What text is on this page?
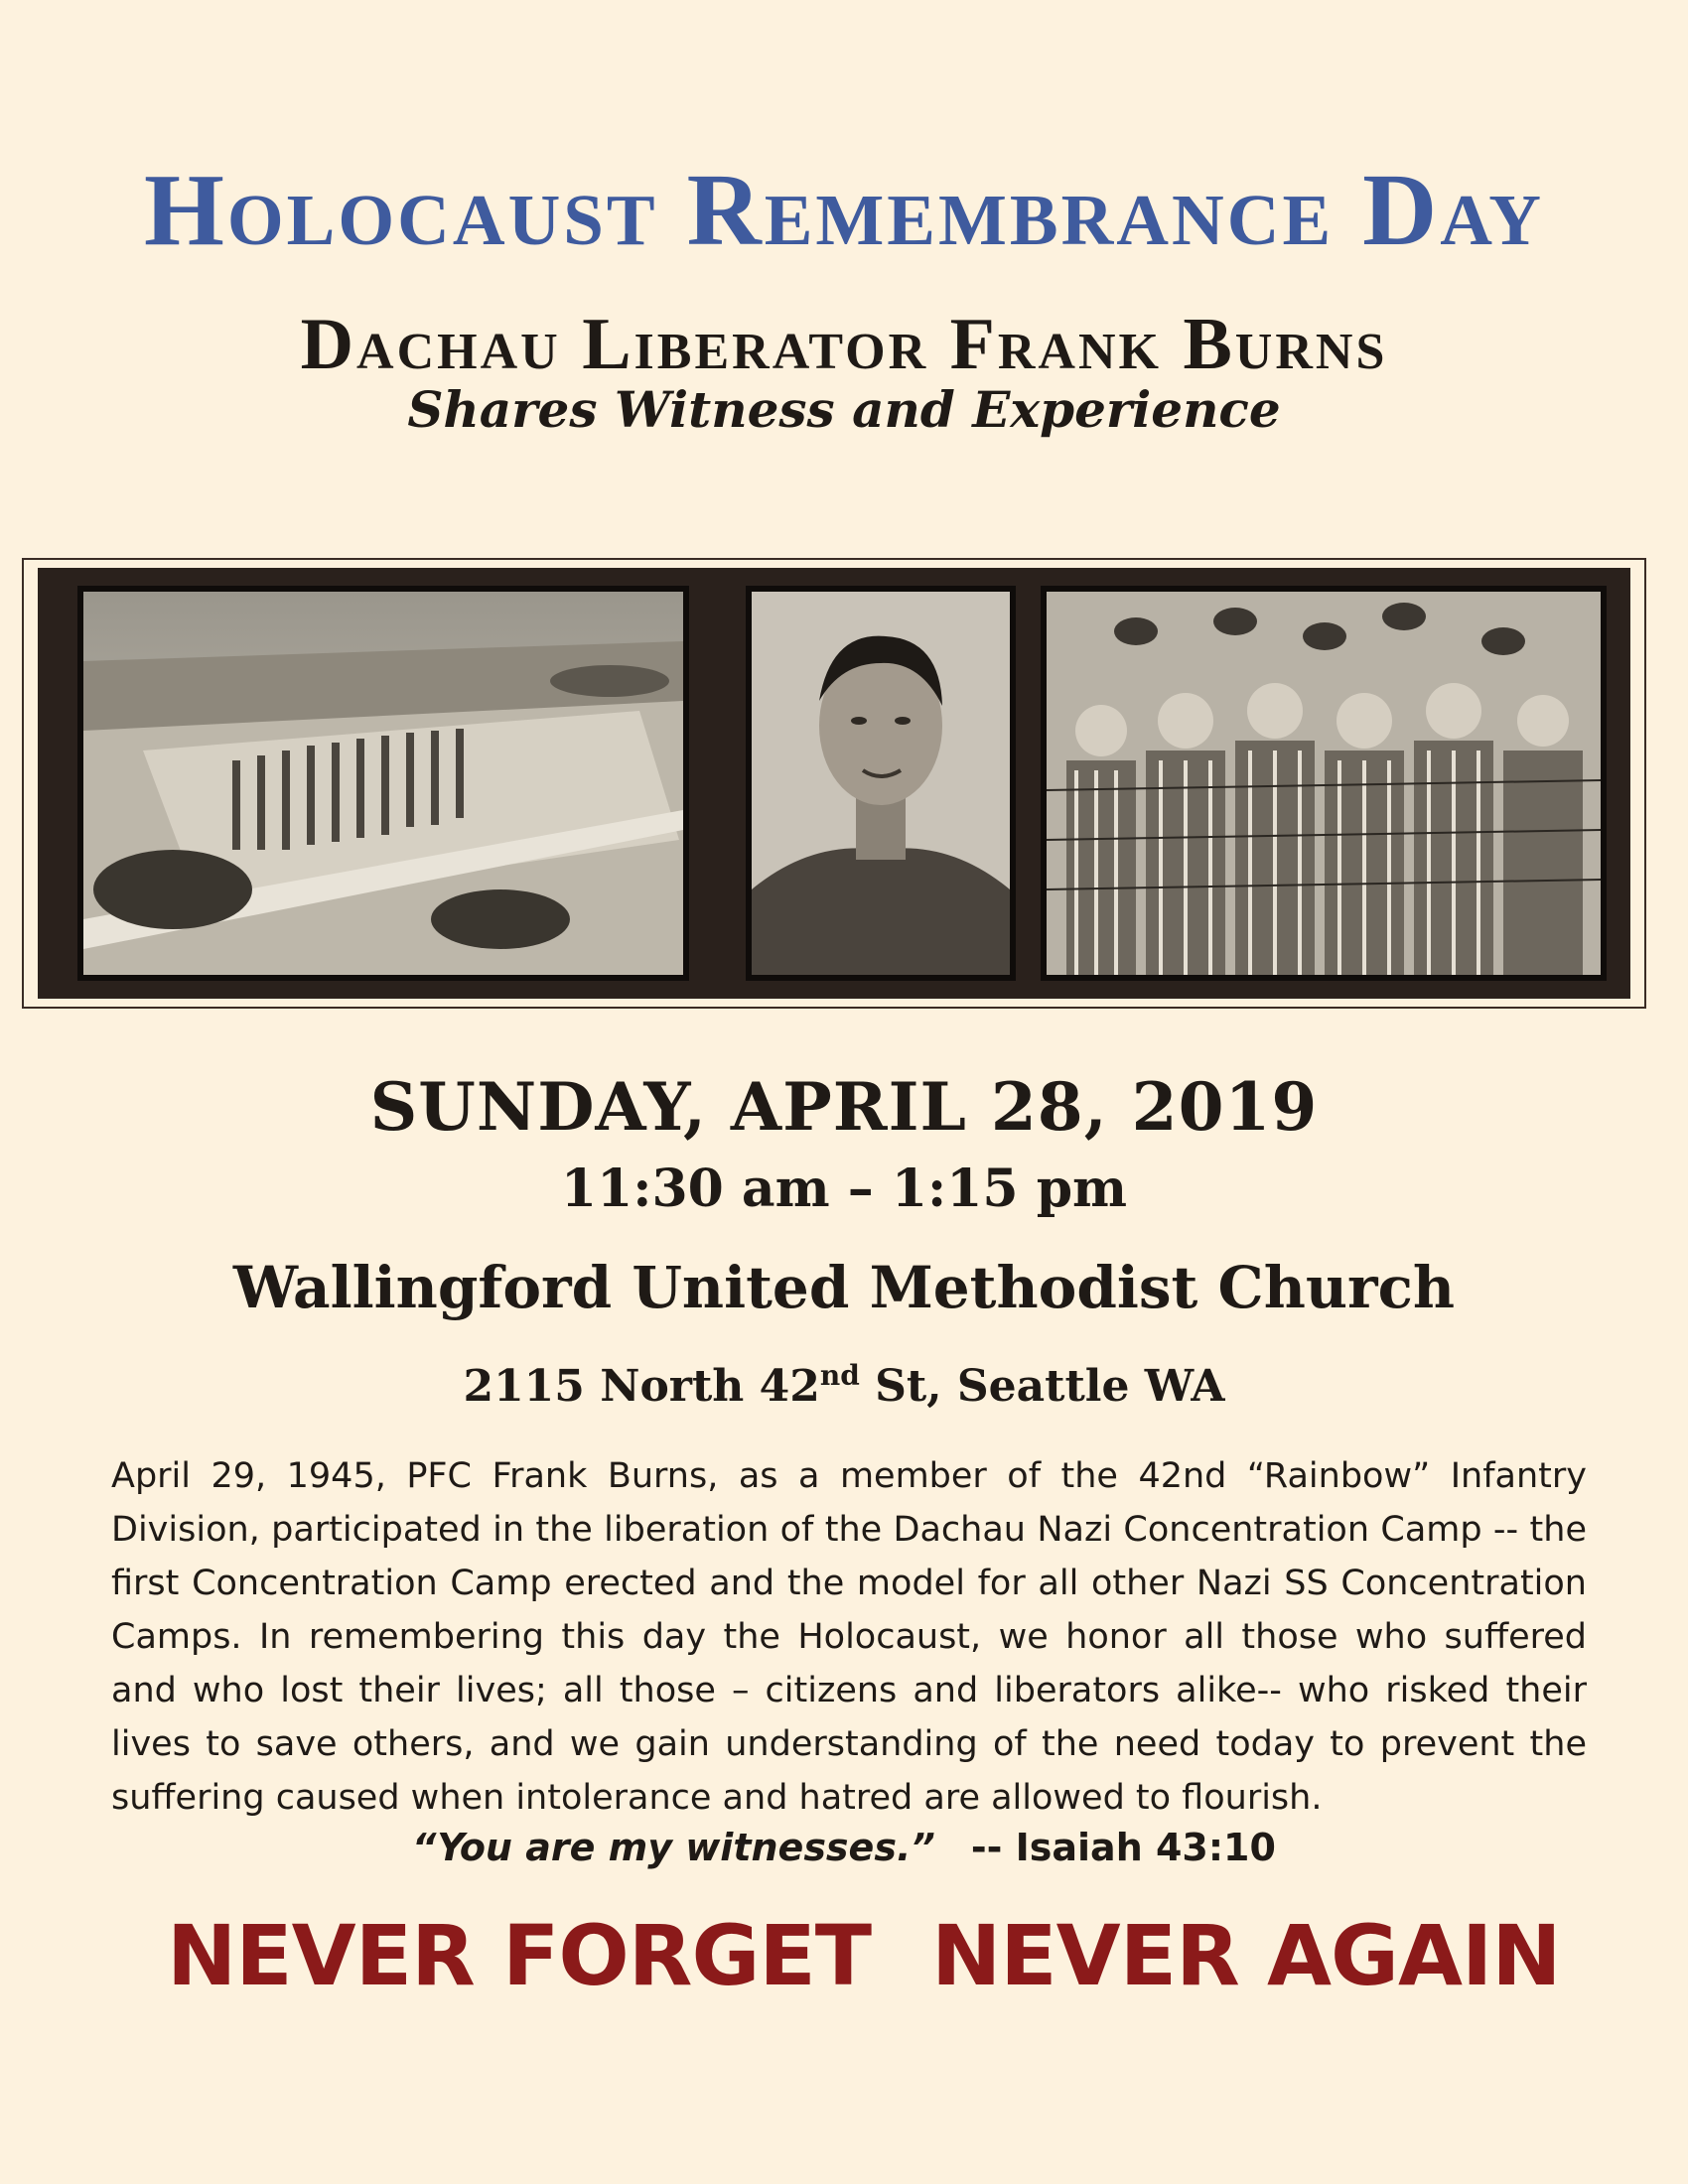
Holocaust Remembrance Day
Dachau Liberator Frank Burns
Shares Witness and Experience
SUNDAY, APRIL 28, 2019
11:30 am – 1:15 pm
Wallingford United Methodist Church
2115 North 42nd St, Seattle WA
April 29, 1945, PFC Frank Burns, as a member of the 42nd “Rainbow” Infantry Division, participated in the liberation of the Dachau Nazi Concentration Camp -- the first Concentration Camp erected and the model for all other Nazi SS Concentration Camps. In remembering this day the Holocaust, we honor all those who suffered and who lost their lives; all those – citizens and liberators alike-- who risked their lives to save others, and we gain understanding of the need today to prevent the suffering caused when intolerance and hatred are allowed to flourish.
“You are my witnesses.” -- Isaiah 43:10
NEVER FORGET NEVER AGAIN
